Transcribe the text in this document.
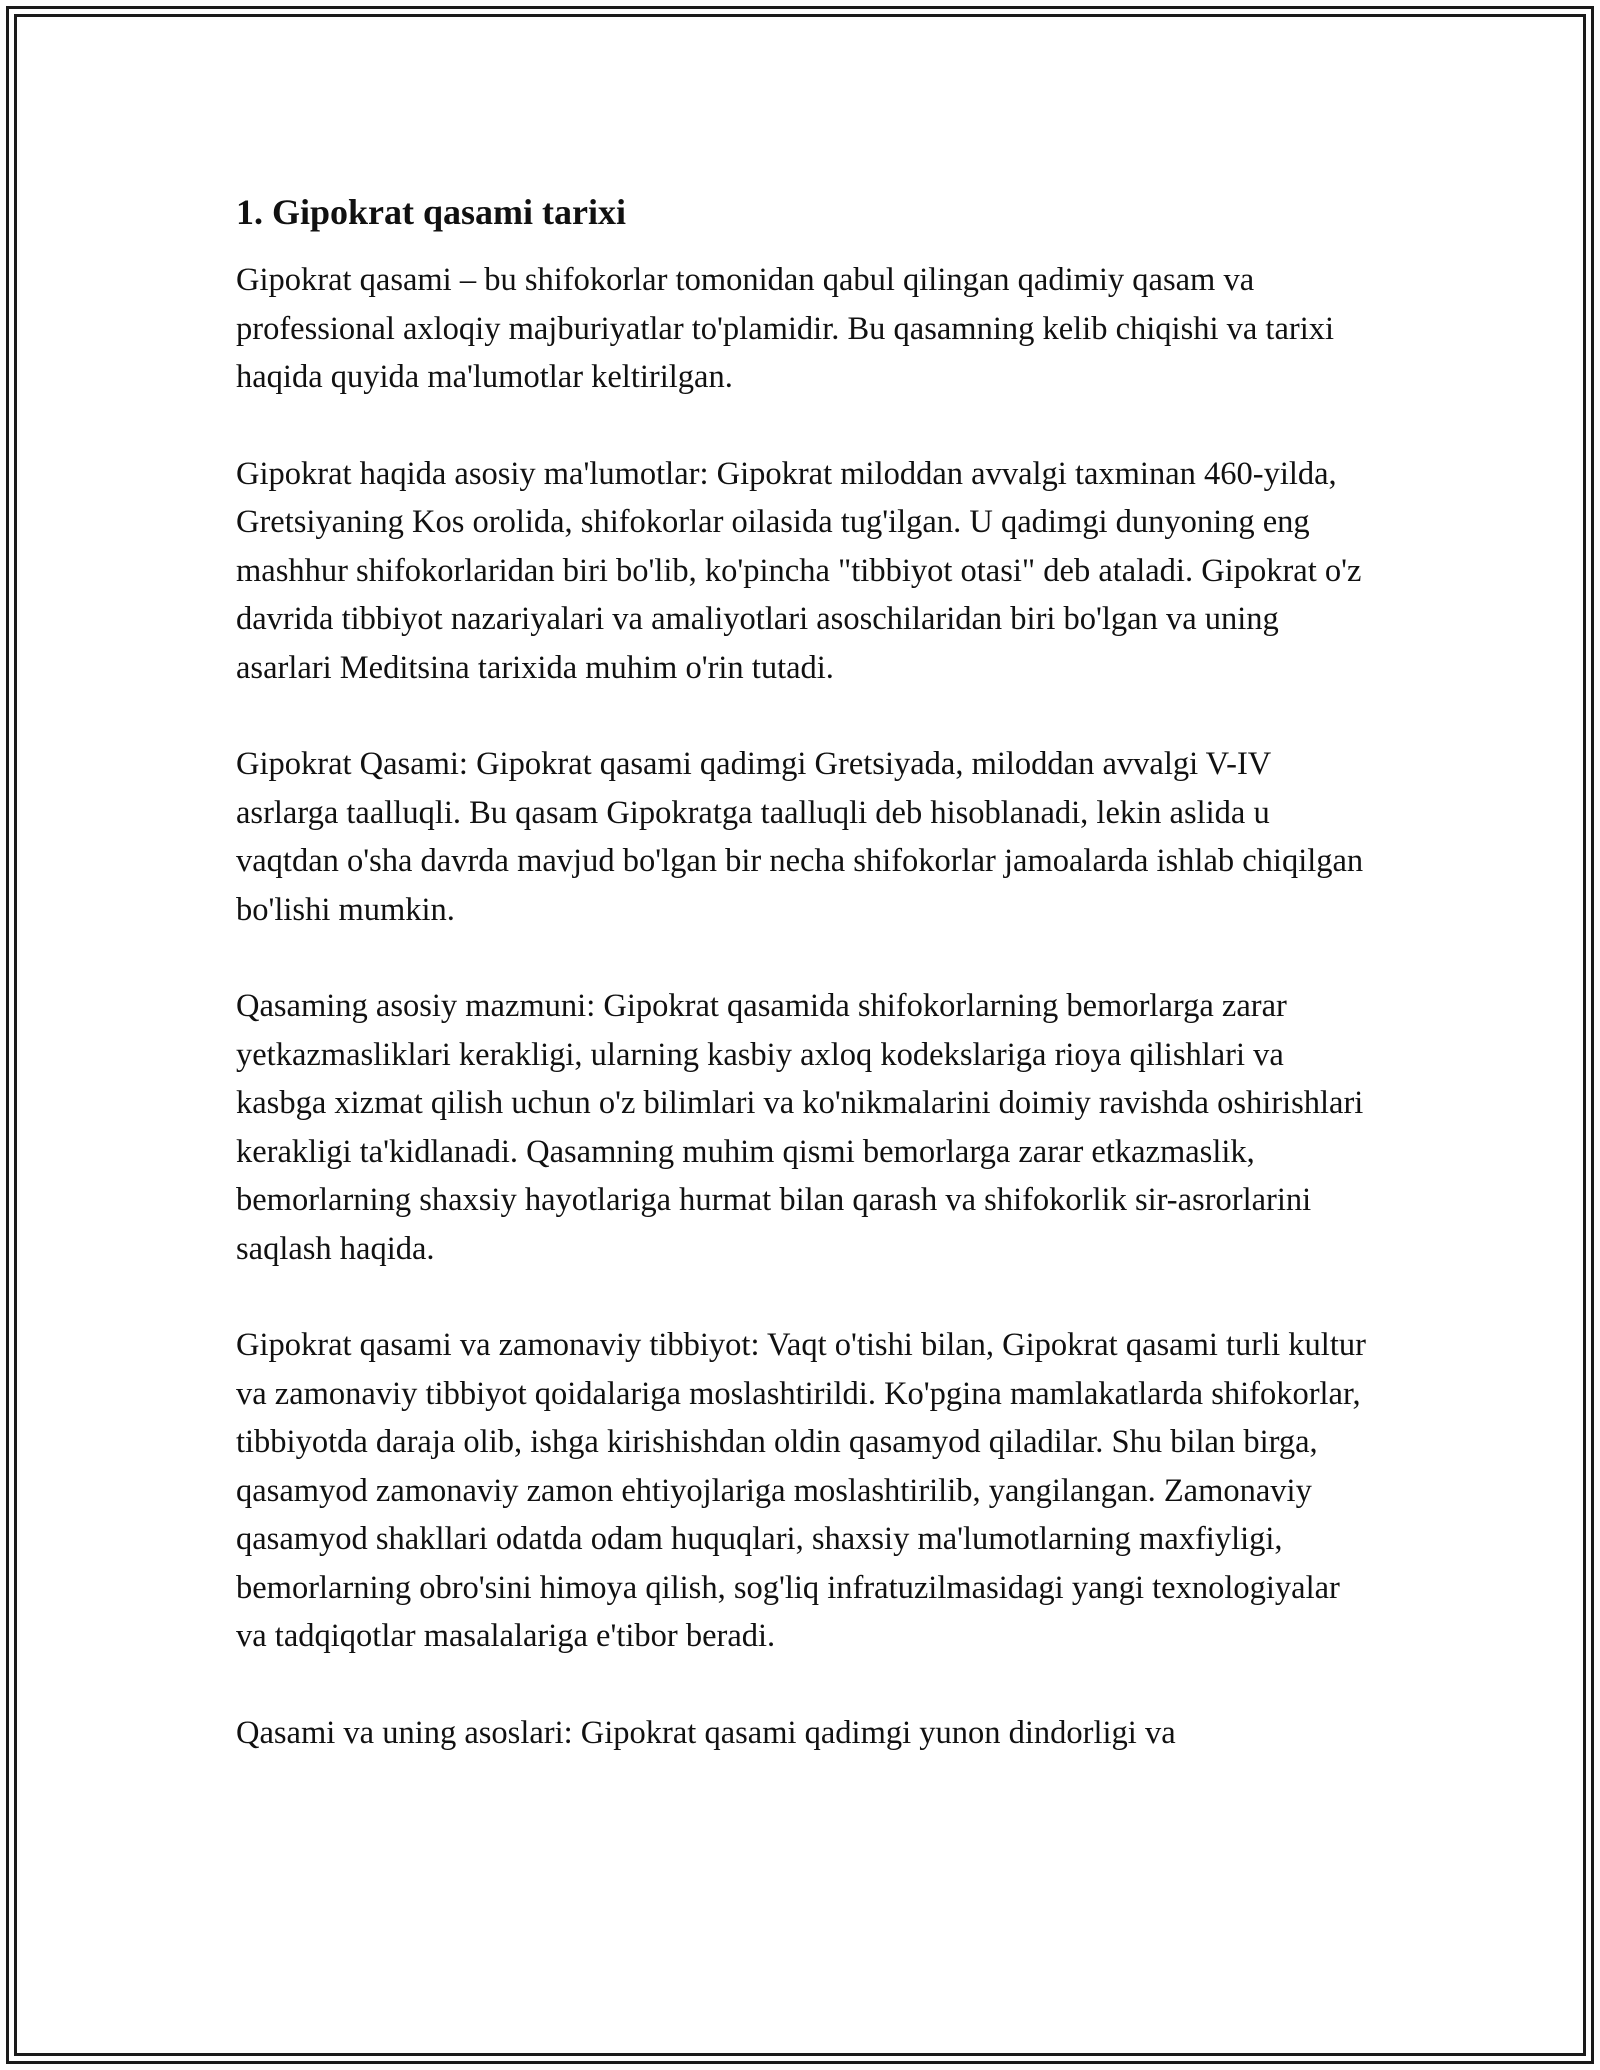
1. Gipokrat qasami tarixi

Gipokrat qasami – bu shifokorlar tomonidan qabul qilingan qadimiy qasam va professional axloqiy majburiyatlar to'plamidir. Bu qasamning kelib chiqishi va tarixi haqida quyida ma'lumotlar keltirilgan.

Gipokrat haqida asosiy ma'lumotlar: Gipokrat miloddan avvalgi taxminan 460-yilda, Gretsiyaning Kos orolida, shifokorlar oilasida tug'ilgan. U qadimgi dunyoning eng mashhur shifokorlaridan biri bo'lib, ko'pincha "tibbiyot otasi" deb ataladi. Gipokrat o'z davrida tibbiyot nazariyalari va amaliyotlari asoschilaridan biri bo'lgan va uning asarlari Meditsina tarixida muhim o'rin tutadi.

Gipokrat Qasami: Gipokrat qasami qadimgi Gretsiyada, miloddan avvalgi V-IV asrlarga taalluqli. Bu qasam Gipokratga taalluqli deb hisoblanadi, lekin aslida u vaqtdan o'sha davrda mavjud bo'lgan bir necha shifokorlar jamoalarda ishlab chiqilgan bo'lishi mumkin.

Qasaming asosiy mazmuni: Gipokrat qasamida shifokorlarning bemorlarga zarar yetkazmasliklari kerakligi, ularning kasbiy axloq kodekslariga rioya qilishlari va kasbga xizmat qilish uchun o'z bilimlari va ko'nikmalarini doimiy ravishda oshirishlari kerakligi ta'kidlanadi. Qasamning muhim qismi bemorlarga zarar etkazmaslik, bemorlarning shaxsiy hayotlariga hurmat bilan qarash va shifokorlik sir-asrorlarini saqlash haqida.

Gipokrat qasami va zamonaviy tibbiyot: Vaqt o'tishi bilan, Gipokrat qasami turli kultur va zamonaviy tibbiyot qoidalariga moslashtirildi. Ko'pgina mamlakatlarda shifokorlar, tibbiyotda daraja olib, ishga kirishishdan oldin qasamyod qiladilar. Shu bilan birga, qasamyod zamonaviy zamon ehtiyojlariga moslashtirilib, yangilangan. Zamonaviy qasamyod shakllari odatda odam huquqlari, shaxsiy ma'lumotlarning maxfiyligi, bemorlarning obro'sini himoya qilish, sog'liq infratuzilmasidagi yangi texnologiyalar va tadqiqotlar masalalariga e'tibor beradi.

Qasami va uning asoslari: Gipokrat qasami qadimgi yunon dindorligi va
